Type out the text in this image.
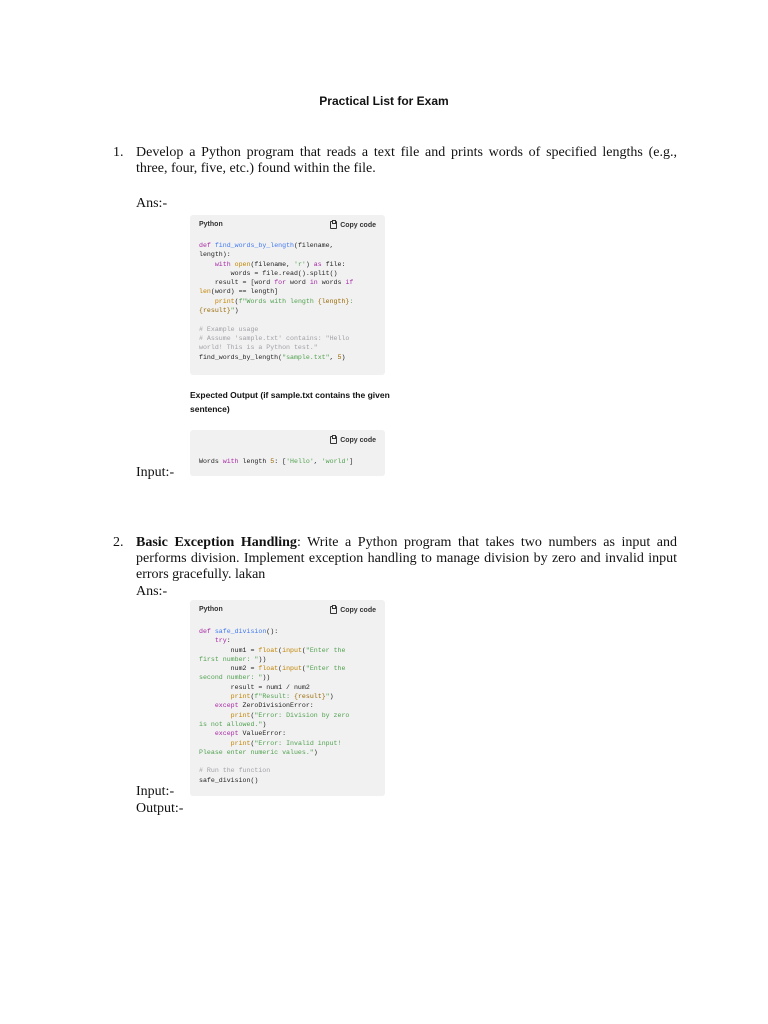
Practical List for Exam
1. Develop a Python program that reads a text file and prints words of specified lengths (e.g., three, four, five, etc.) found within the file.
Ans:-
Python	Copy code
def find_words_by_length(filename,
length):
with open(filename, 'r') as file:
words = file.read().split()
result = [word for word in words if
len(word) == length]
print(f"Words with length {length}:
{result}")

# Example usage
# Assume 'sample.txt' contains: "Hello
world! This is a Python test."
find_words_by_length("sample.txt", 5)
Expected Output (if sample.txt contains the given sentence)
Copy code
Words with length 5: ['Hello', 'world']
Input:-
2. Basic Exception Handling: Write a Python program that takes two numbers as input and performs division. Implement exception handling to manage division by zero and invalid input errors gracefully. lakan
Ans:-
Python	Copy code
def safe_division():
try:
num1 = float(input("Enter the
first number: "))
num2 = float(input("Enter the
second number: "))
result = num1 / num2
print(f"Result: {result}")
except ZeroDivisionError:
print("Error: Division by zero
is not allowed.")
except ValueError:
print("Error: Invalid input!
Please enter numeric values.")

# Run the function
safe_division()
Input:-
Output:-
